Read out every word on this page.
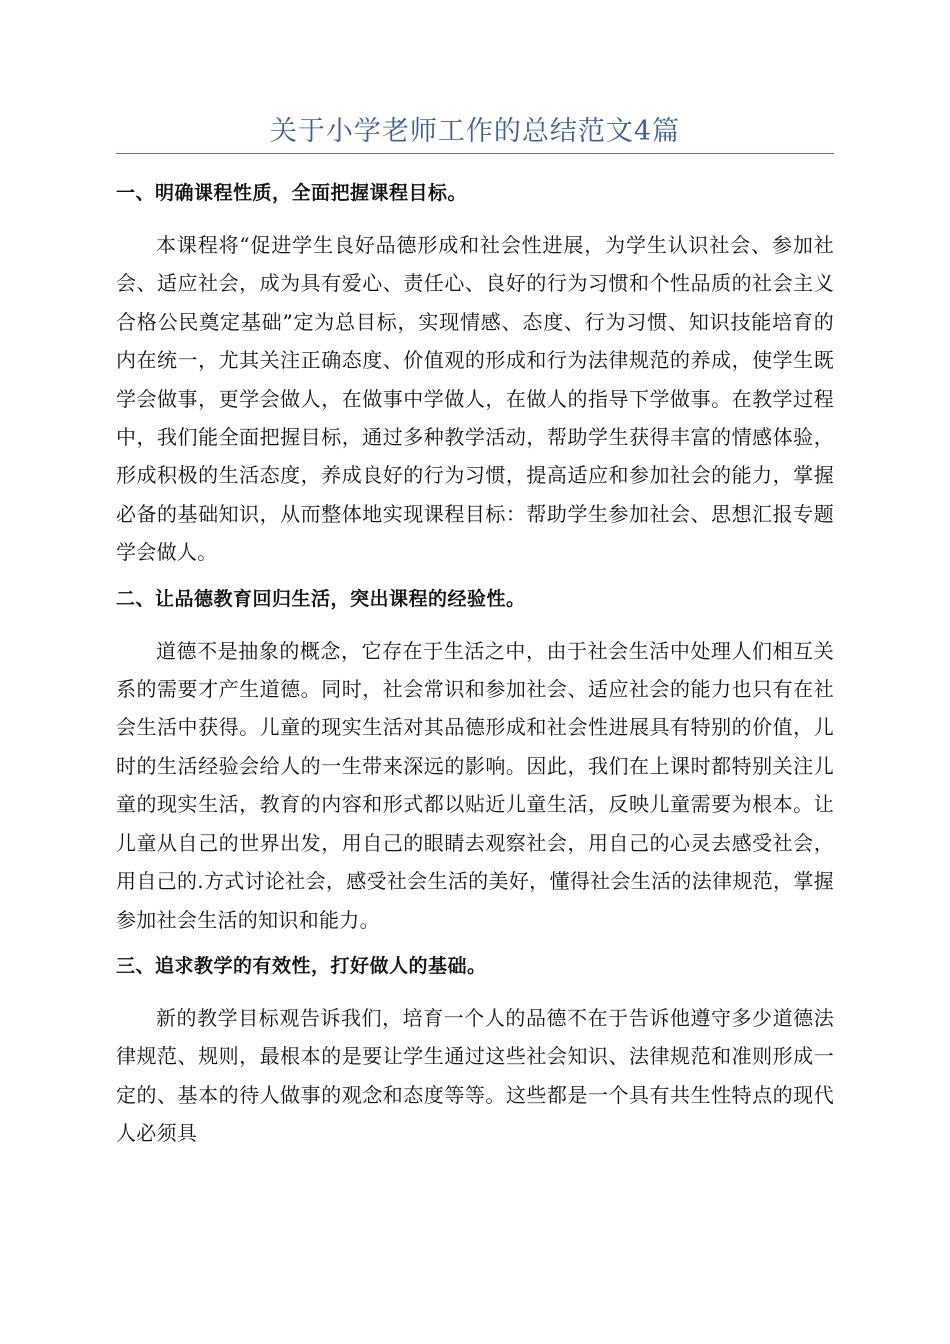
关于小学老师工作的总结范文4篇
一、明确课程性质，全面把握课程目标。

本课程将“促进学生良好品德形成和社会性进展，为学生认识社会、参加社会、适应社会，成为具有爱心、责任心、良好的行为习惯和个性品质的社会主义合格公民奠定基础”定为总目标，实现情感、态度、行为习惯、知识技能培育的内在统一，尤其关注正确态度、价值观的形成和行为法律规范的养成，使学生既学会做事，更学会做人，在做事中学做人，在做人的指导下学做事。在教学过程中，我们能全面把握目标，通过多种教学活动，帮助学生获得丰富的情感体验，形成积极的生活态度，养成良好的行为习惯，提高适应和参加社会的能力，掌握必备的基础知识，从而整体地实现课程目标：帮助学生参加社会、思想汇报专题学会做人。

二、让品德教育回归生活，突出课程的经验性。

道德不是抽象的概念，它存在于生活之中，由于社会生活中处理人们相互关系的需要才产生道德。同时，社会常识和参加社会、适应社会的能力也只有在社会生活中获得。儿童的现实生活对其品德形成和社会性进展具有特别的价值，儿时的生活经验会给人的一生带来深远的影响。因此，我们在上课时都特别关注儿童的现实生活，教育的内容和形式都以贴近儿童生活，反映儿童需要为根本。让儿童从自己的世界出发，用自己的眼睛去观察社会，用自己的心灵去感受社会，用自己的.方式讨论社会，感受社会生活的美好，懂得社会生活的法律规范，掌握参加社会生活的知识和能力。

三、追求教学的有效性，打好做人的基础。

新的教学目标观告诉我们，培育一个人的品德不在于告诉他遵守多少道德法律规范、规则，最根本的是要让学生通过这些社会知识、法律规范和准则形成一定的、基本的待人做事的观念和态度等等。这些都是一个具有共生性特点的现代人必须具
